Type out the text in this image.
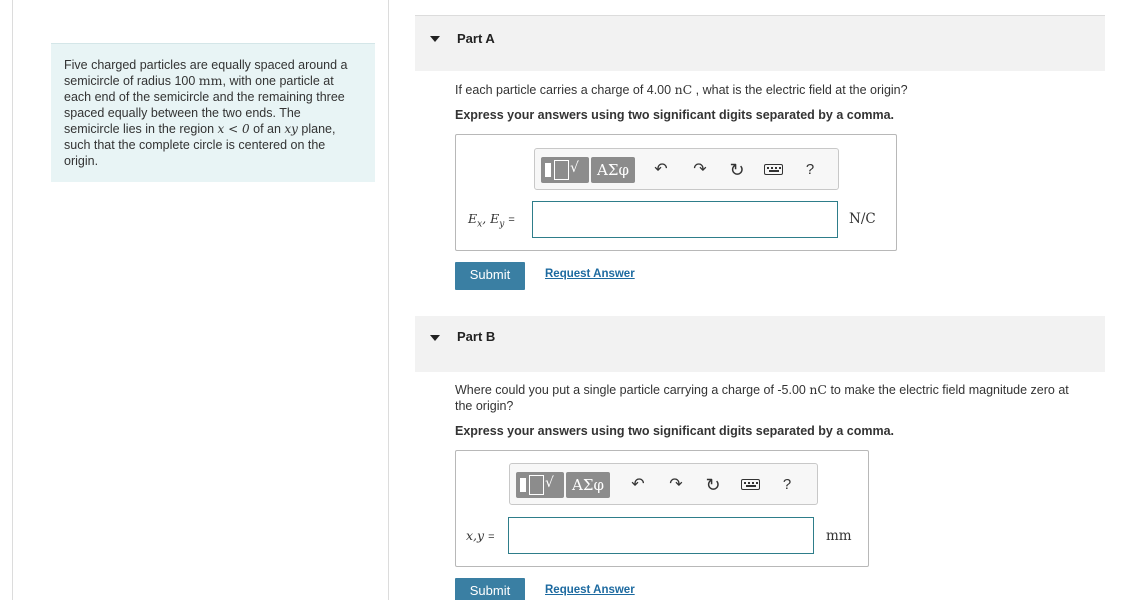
Five charged particles are equally spaced around a
semicircle of radius 100 mm, with one particle at
each end of the semicircle and the remaining three
spaced equally between the two ends. The
semicircle lies in the region x < 0 of an xy plane,
such that the complete circle is centered on the
origin.
Part A
If each particle carries a charge of 4.00 nC , what is the electric field at the origin?
Express your answers using two significant digits separated by a comma.
√	ΑΣφ	↶ ↷ ↻	?
$E_x$, $E_y$ =	N/C
Submit	Request Answer
Part B
Where could you put a single particle carrying a charge of -5.00 nC to make the electric field magnitude zero at
the origin?
Express your answers using two significant digits separated by a comma.
√	ΑΣφ	↶ ↷ ↻	?
x,y =	mm
Submit	Request Answer
